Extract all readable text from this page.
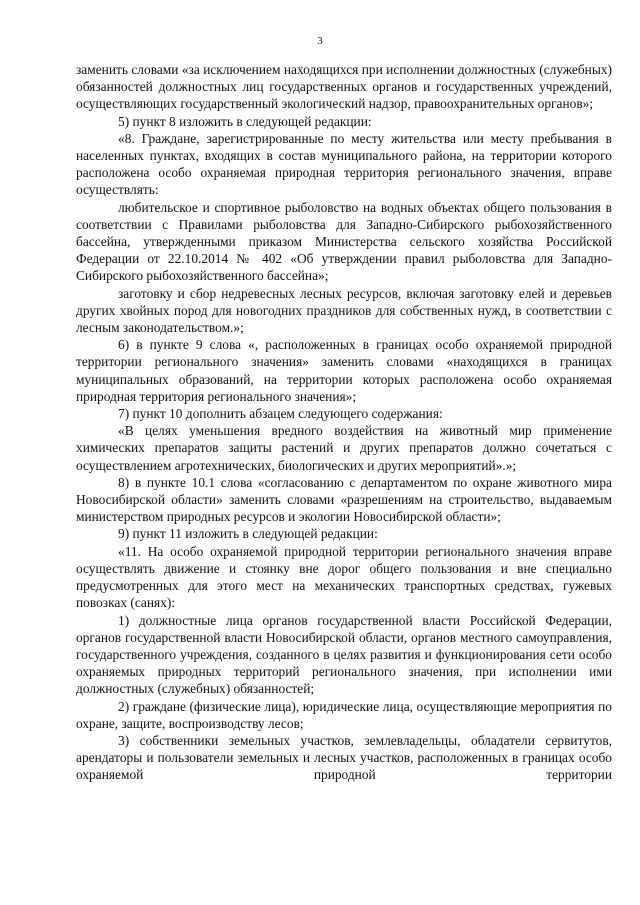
3

заменить словами «за исключением находящихся при исполнении должностных (служебных) обязанностей должностных лиц государственных органов и государственных учреждений, осуществляющих государственный экологический надзор, правоохранительных органов»;

5) пункт 8 изложить в следующей редакции:

«8. Граждане, зарегистрированные по месту жительства или месту пребывания в населенных пунктах, входящих в состав муниципального района, на территории которого расположена особо охраняемая природная территория регионального значения, вправе осуществлять:

любительское и спортивное рыболовство на водных объектах общего пользования в соответствии с Правилами рыболовства для Западно-Сибирского рыбохозяйственного бассейна, утвержденными приказом Министерства сельского хозяйства Российской Федерации от 22.10.2014 № 402 «Об утверждении правил рыболовства для Западно-Сибирского рыбохозяйственного бассейна»;

заготовку и сбор недревесных лесных ресурсов, включая заготовку елей и деревьев других хвойных пород для новогодних праздников для собственных нужд, в соответствии с лесным законодательством.»;

6) в пункте 9 слова «, расположенных в границах особо охраняемой природной территории регионального значения» заменить словами «находящихся в границах муниципальных образований, на территории которых расположена особо охраняемая природная территория регионального значения»;

7) пункт 10 дополнить абзацем следующего содержания:

«В целях уменьшения вредного воздействия на животный мир применение химических препаратов защиты растений и других препаратов должно сочетаться с осуществлением агротехнических, биологических и других мероприятий».»;

8) в пункте 10.1 слова «согласованию с департаментом по охране животного мира Новосибирской области» заменить словами «разрешениям на строительство, выдаваемым министерством природных ресурсов и экологии Новосибирской области»;

9) пункт 11 изложить в следующей редакции:

«11. На особо охраняемой природной территории регионального значения вправе осуществлять движение и стоянку вне дорог общего пользования и вне специально предусмотренных для этого мест на механических транспортных средствах, гужевых повозках (санях):

1) должностные лица органов государственной власти Российской Федерации, органов государственной власти Новосибирской области, органов местного самоуправления, государственного учреждения, созданного в целях развития и функционирования сети особо охраняемых природных территорий регионального значения, при исполнении ими должностных (служебных) обязанностей;

2) граждане (физические лица), юридические лица, осуществляющие мероприятия по охране, защите, воспроизводству лесов;

3) собственники земельных участков, землевладельцы, обладатели сервитутов, арендаторы и пользователи земельных и лесных участков, расположенных в границах особо охраняемой природной территории
